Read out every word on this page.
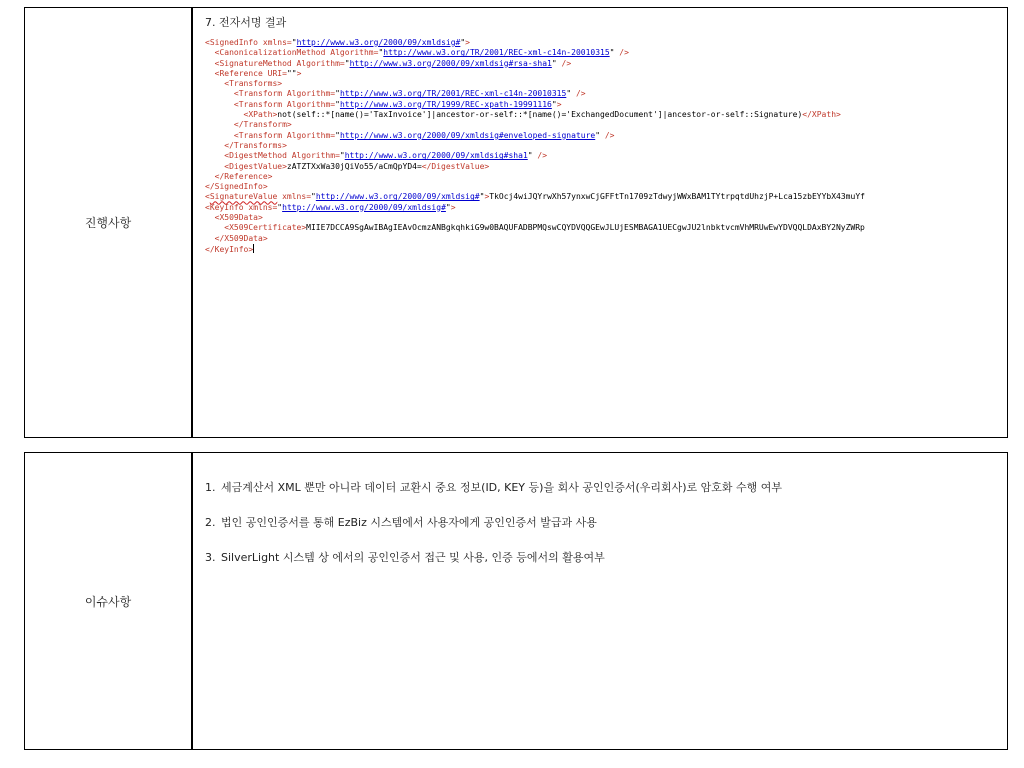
진행사항	
7. 전자서명 결과
<SignedInfo xmlns="http://www.w3.org/2000/09/xmldsig#">
<CanonicalizationMethod Algorithm="http://www.w3.org/TR/2001/REC-xml-c14n-20010315" />
<SignatureMethod Algorithm="http://www.w3.org/2000/09/xmldsig#rsa-sha1" />
<Reference URI="">
<Transforms>
<Transform Algorithm="http://www.w3.org/TR/2001/REC-xml-c14n-20010315" />
<Transform Algorithm="http://www.w3.org/TR/1999/REC-xpath-19991116">
<XPath>not(self::*[name()='TaxInvoice']|ancestor-or-self::*[name()='ExchangedDocument']|ancestor-or-self::Signature)</XPath>
</Transform>
<Transform Algorithm="http://www.w3.org/2000/09/xmldsig#enveloped-signature" />
</Transforms>
<DigestMethod Algorithm="http://www.w3.org/2000/09/xmldsig#sha1" />
<DigestValue>zATZTXxWa30jQiVo55/aCmQpYD4=</DigestValue>
</Reference>
</SignedInfo>
<SignatureValue xmlns="http://www.w3.org/2000/09/xmldsig#">TkOcj4wiJQYrwXh57ynxwCjGFFtTn1709zTdwyjWWxBAM1TYtrpqtdUhzjP+Lca15zbEYYbX43muYf
<KeyInfo xmlns="http://www.w3.org/2000/09/xmldsig#">
<X509Data>
<X509Certificate>MIIE7DCCA9SgAwIBAgIEAvOcmzANBgkqhkiG9w0BAQUFADBPMQswCQYDVQQGEwJLUjESMBAGA1UECgwJU2lnbktvcmVhMRUwEwYDVQQLDAxBY2NyZWRp
</X509Data>
</KeyInfo>
이슈사항	
1. 세금계산서 XML 뿐만 아니라 데이터 교환시 중요 정보(ID, KEY 등)을 회사 공인인증서(우리회사)로 암호화 수행 여부
2. 법인 공인인증서를 통해 EzBiz 시스템에서 사용자에게 공인인증서 발급과 사용
3. SilverLight 시스템 상 에서의 공인인증서 접근 및 사용, 인증 등에서의 활용여부
